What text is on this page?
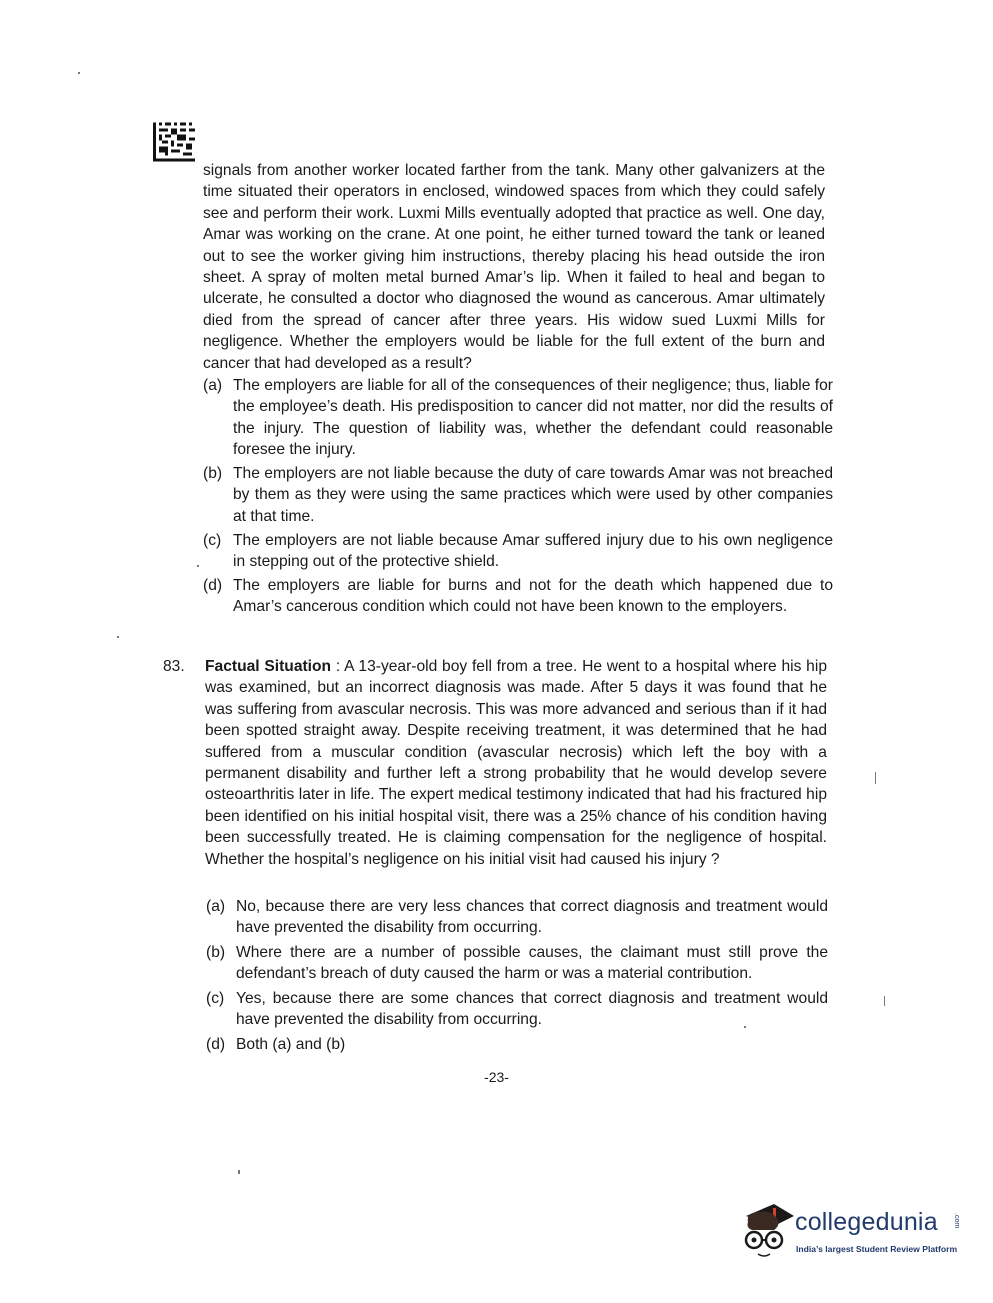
signals from another worker located farther from the tank. Many other galvanizers at the time situated their operators in enclosed, windowed spaces from which they could safely see and perform their work. Luxmi Mills eventually adopted that practice as well. One day, Amar was working on the crane. At one point, he either turned toward the tank or leaned out to see the worker giving him instructions, thereby placing his head outside the iron sheet. A spray of molten metal burned Amar’s lip. When it failed to heal and began to ulcerate, he consulted a doctor who diagnosed the wound as cancerous. Amar ultimately died from the spread of cancer after three years. His widow sued Luxmi Mills for negligence. Whether the employers would be liable for the full extent of the burn and cancer that had developed as a result?

(a) The employers are liable for all of the consequences of their negligence; thus, liable for the employee’s death. His predisposition to cancer did not matter, nor did the results of the injury. The question of liability was, whether the defendant could reasonable foresee the injury.
(b) The employers are not liable because the duty of care towards Amar was not breached by them as they were using the same practices which were used by other companies at that time.
(c) The employers are not liable because Amar suffered injury due to his own negligence in stepping out of the protective shield.
(d) The employers are liable for burns and not for the death which happened due to Amar’s cancerous condition which could not have been known to the employers.
83. Factual Situation : A 13-year-old boy fell from a tree. He went to a hospital where his hip was examined, but an incorrect diagnosis was made. After 5 days it was found that he was suffering from avascular necrosis. This was more advanced and serious than if it had been spotted straight away. Despite receiving treatment, it was determined that he had suffered from a muscular condition (avascular necrosis) which left the boy with a permanent disability and further left a strong probability that he would develop severe osteoarthritis later in life. The expert medical testimony indicated that had his fractured hip been identified on his initial hospital visit, there was a 25% chance of his condition having been successfully treated. He is claiming compensation for the negligence of hospital. Whether the hospital’s negligence on his initial visit had caused his injury ?

(a) No, because there are very less chances that correct diagnosis and treatment would have prevented the disability from occurring.
(b) Where there are a number of possible causes, the claimant must still prove the defendant’s breach of duty caused the harm or was a material contribution.
(c) Yes, because there are some chances that correct diagnosis and treatment would have prevented the disability from occurring.
(d) Both (a) and (b)
-23-
collegedunia .com
India’s largest Student Review Platform
